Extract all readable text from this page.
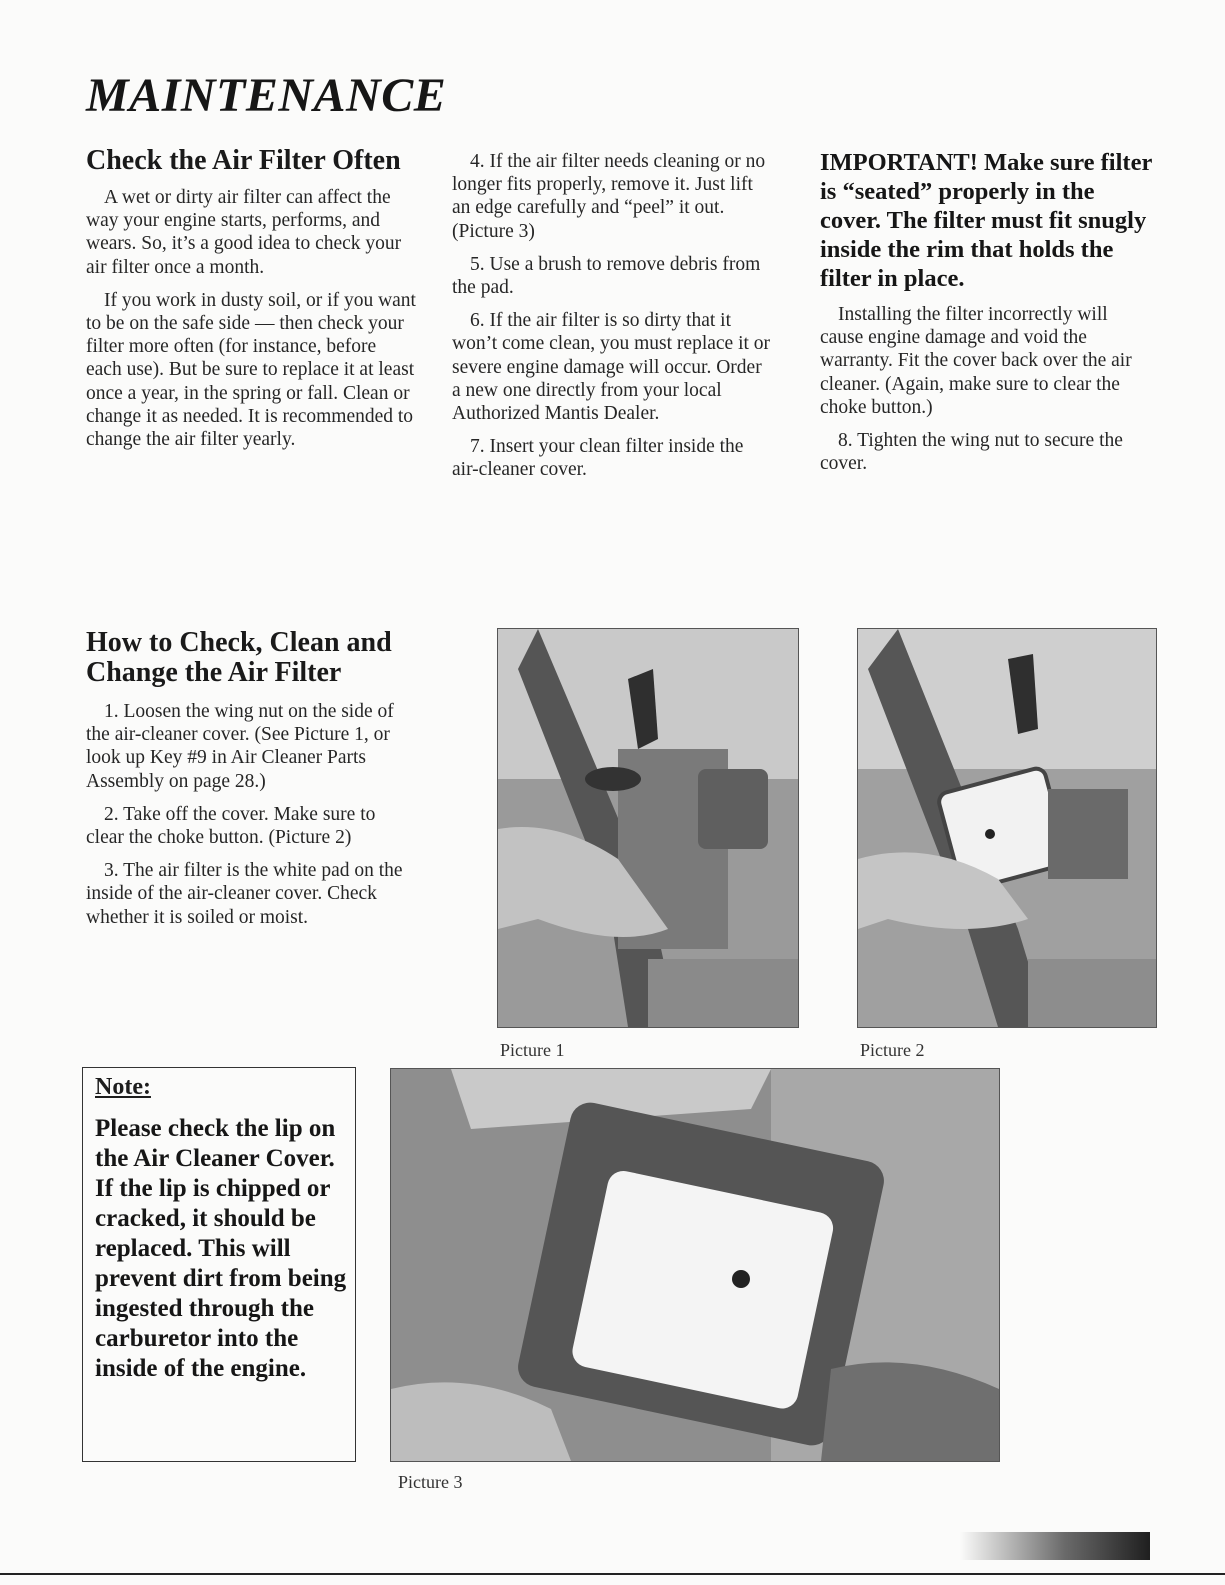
MAINTENANCE
Check the Air Filter Often

A wet or dirty air filter can affect the way your engine starts, performs, and wears. So, it’s a good idea to check your air filter once a month.

If you work in dusty soil, or if you want to be on the safe side — then check your filter more often (for instance, before each use). But be sure to replace it at least once a year, in the spring or fall. Clean or change it as needed. It is recommended to change the air filter yearly.

How to Check, Clean and Change the Air Filter

1. Loosen the wing nut on the side of the air-cleaner cover. (See Picture 1, or look up Key #9 in Air Cleaner Parts Assembly on page 28.)

2. Take off the cover. Make sure to clear the choke button. (Picture 2)

3. The air filter is the white pad on the inside of the air-cleaner cover. Check whether it is soiled or moist.

4. If the air filter needs cleaning or no longer fits properly, remove it. Just lift an edge carefully and “peel” it out. (Picture 3)

5. Use a brush to remove debris from the pad.

6. If the air filter is so dirty that it won’t come clean, you must replace it or severe engine damage will occur. Order a new one directly from your local Authorized Mantis Dealer.

7. Insert your clean filter inside the air-cleaner cover.

IMPORTANT! Make sure filter is “seated” properly in the cover. The filter must fit snugly inside the rim that holds the filter in place.

Installing the filter incorrectly will cause engine damage and void the warranty. Fit the cover back over the air cleaner. (Again, make sure to clear the choke button.)

8. Tighten the wing nut to secure the cover.

Picture 1	Picture 2
Note:
Please check the lip on the Air Cleaner Cover. If the lip is chipped or cracked, it should be replaced. This will prevent dirt from being ingested through the carburetor into the inside of the engine.
Picture 3
